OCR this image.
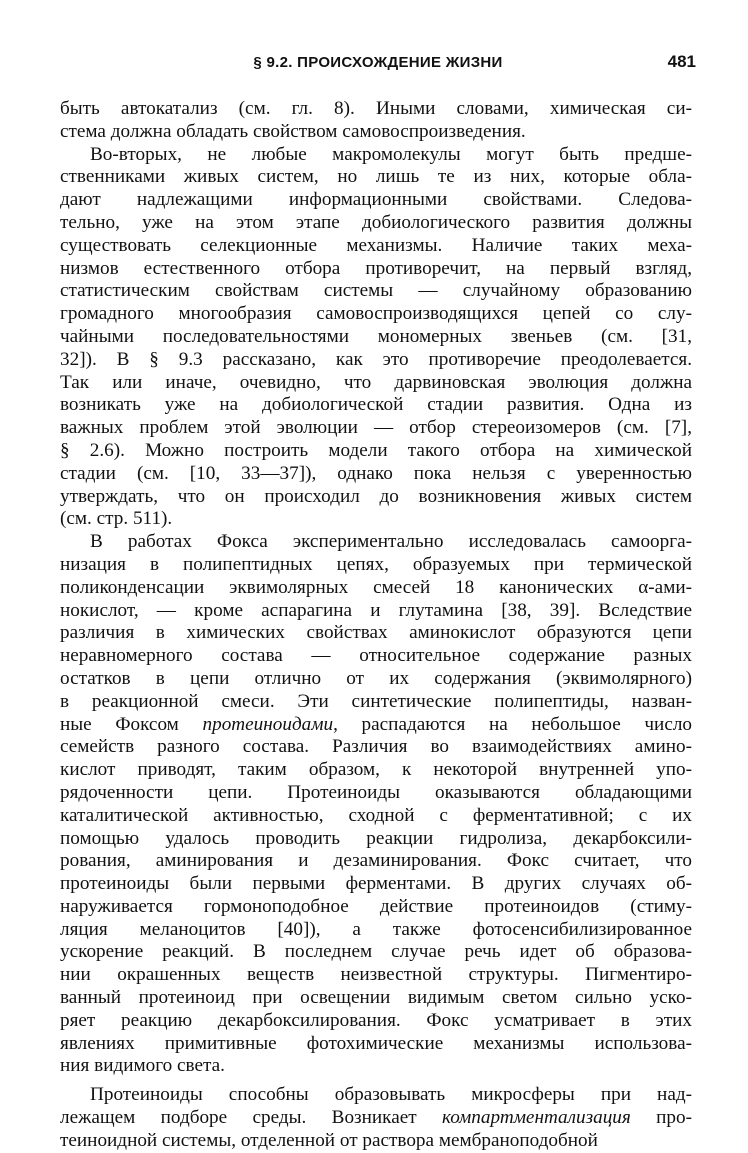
§ 9.2. ПРОИСХОЖДЕНИЕ ЖИЗНИ	481
быть автокатализ (см. гл. 8). Иными словами, химическая си-
стема должна обладать свойством самовоспроизведения.
Во-вторых, не любые макромолекулы могут быть предше-
ственниками живых систем, но лишь те из них, которые обла-
дают надлежащими информационными свойствами. Следова-
тельно, уже на этом этапе добиологического развития должны
существовать селекционные механизмы. Наличие таких меха-
низмов естественного отбора противоречит, на первый взгляд,
статистическим свойствам системы — случайному образованию
громадного многообразия самовоспроизводящихся цепей со слу-
чайными последовательностями мономерных звеньев (см. [31,
32]). В § 9.3 рассказано, как это противоречие преодолевается.
Так или иначе, очевидно, что дарвиновская эволюция должна
возникать уже на добиологической стадии развития. Одна из
важных проблем этой эволюции — отбор стереоизомеров (см. [7],
§ 2.6). Можно построить модели такого отбора на химической
стадии (см. [10, 33—37]), однако пока нельзя с уверенностью
утверждать, что он происходил до возникновения живых систем
(см. стр. 511).
В работах Фокса экспериментально исследовалась самоорга-
низация в полипептидных цепях, образуемых при термической
поликонденсации эквимолярных смесей 18 канонических α-ами-
нокислот, — кроме аспарагина и глутамина [38, 39]. Вследствие
различия в химических свойствах аминокислот образуются цепи
неравномерного состава — относительное содержание разных
остатков в цепи отлично от их содержания (эквимолярного)
в реакционной смеси. Эти синтетические полипептиды, назван-
ные Фоксом протеиноидами, распадаются на небольшое число
семейств разного состава. Различия во взаимодействиях амино-
кислот приводят, таким образом, к некоторой внутренней упо-
рядоченности цепи. Протеиноиды оказываются обладающими
каталитической активностью, сходной с ферментативной; с их
помощью удалось проводить реакции гидролиза, декарбоксили-
рования, аминирования и дезаминирования. Фокс считает, что
протеиноиды были первыми ферментами. В других случаях об-
наруживается гормоноподобное действие протеиноидов (стиму-
ляция меланоцитов [40]), а также фотосенсибилизированное
ускорение реакций. В последнем случае речь идет об образова-
нии окрашенных веществ неизвестной структуры. Пигментиро-
ванный протеиноид при освещении видимым светом сильно уско-
ряет реакцию декарбоксилирования. Фокс усматривает в этих
явлениях примитивные фотохимические механизмы использова-
ния видимого света.
Протеиноиды способны образовывать микросферы при над-
лежащем подборе среды. Возникает компартментализация про-
теиноидной системы, отделенной от раствора мембраноподобной
